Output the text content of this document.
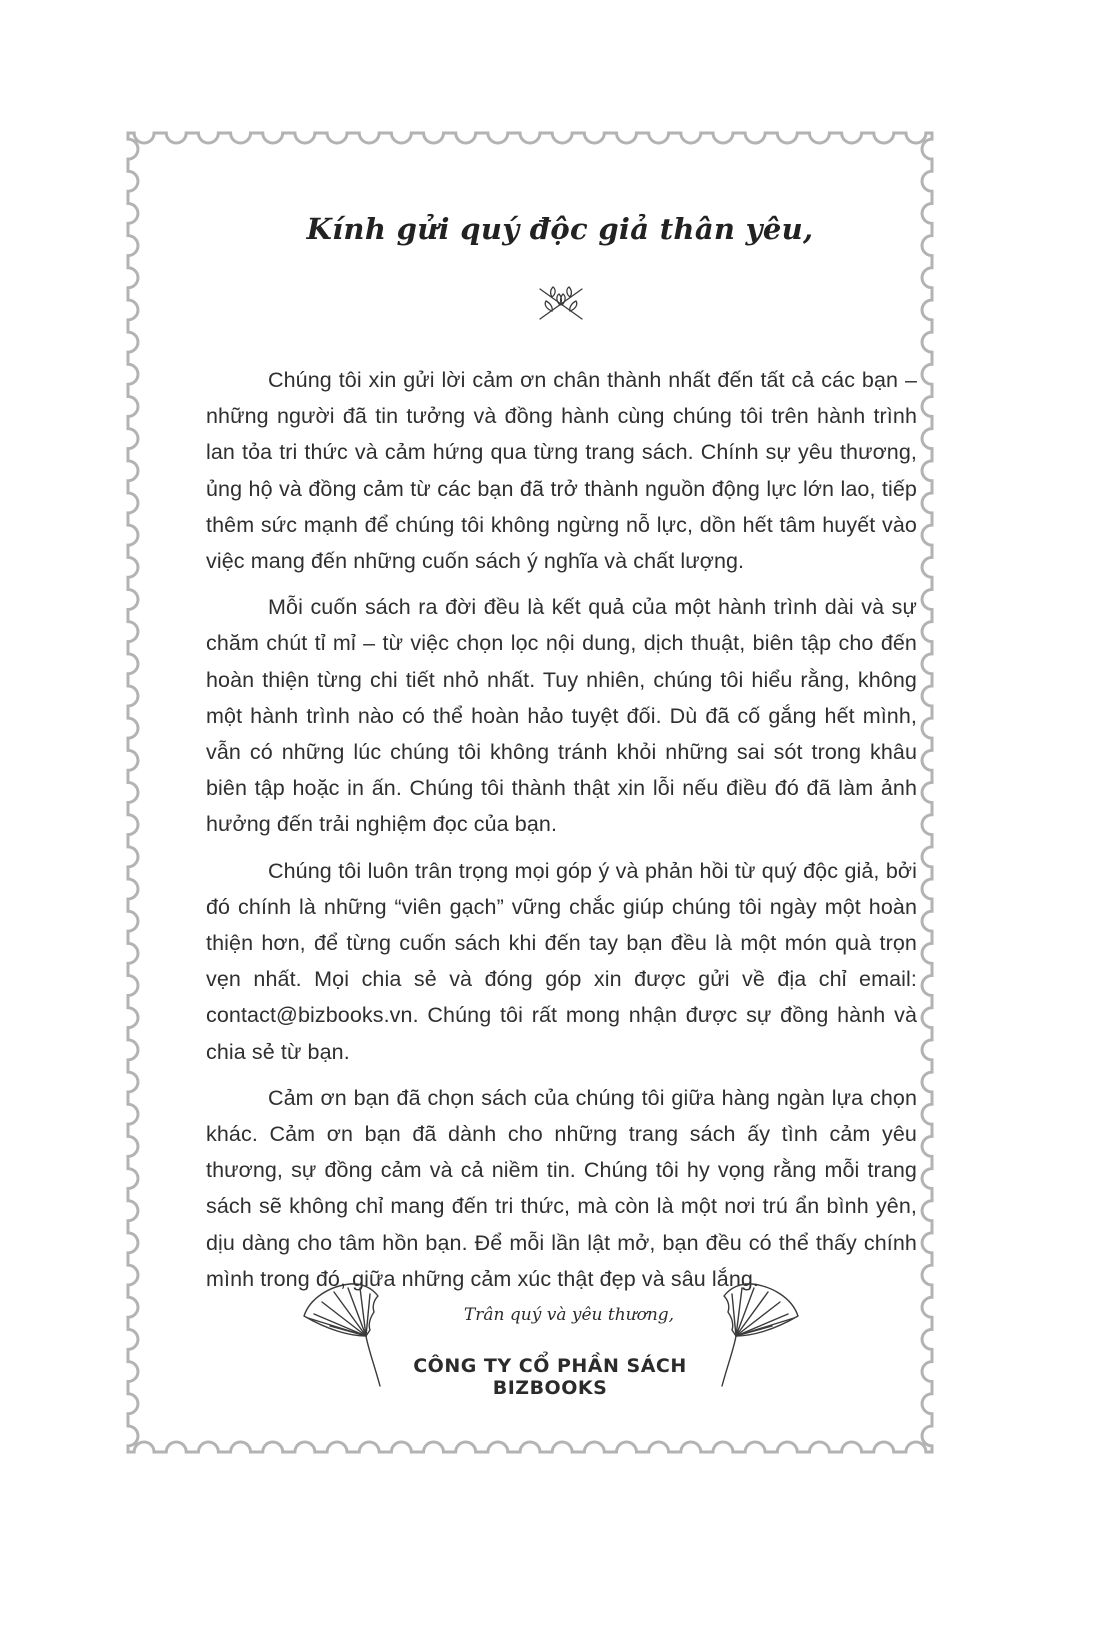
Kính gửi quý độc giả thân yêu,

Chúng tôi xin gửi lời cảm ơn chân thành nhất đến tất cả các bạn – những người đã tin tưởng và đồng hành cùng chúng tôi trên hành trình lan tỏa tri thức và cảm hứng qua từng trang sách. Chính sự yêu thương, ủng hộ và đồng cảm từ các bạn đã trở thành nguồn động lực lớn lao, tiếp thêm sức mạnh để chúng tôi không ngừng nỗ lực, dồn hết tâm huyết vào việc mang đến những cuốn sách ý nghĩa và chất lượng.

Mỗi cuốn sách ra đời đều là kết quả của một hành trình dài và sự chăm chút tỉ mỉ – từ việc chọn lọc nội dung, dịch thuật, biên tập cho đến hoàn thiện từng chi tiết nhỏ nhất. Tuy nhiên, chúng tôi hiểu rằng, không một hành trình nào có thể hoàn hảo tuyệt đối. Dù đã cố gắng hết mình, vẫn có những lúc chúng tôi không tránh khỏi những sai sót trong khâu biên tập hoặc in ấn. Chúng tôi thành thật xin lỗi nếu điều đó đã làm ảnh hưởng đến trải nghiệm đọc của bạn.

Chúng tôi luôn trân trọng mọi góp ý và phản hồi từ quý độc giả, bởi đó chính là những “viên gạch” vững chắc giúp chúng tôi ngày một hoàn thiện hơn, để từng cuốn sách khi đến tay bạn đều là một món quà trọn vẹn nhất. Mọi chia sẻ và đóng góp xin được gửi về địa chỉ email: contact@bizbooks.vn. Chúng tôi rất mong nhận được sự đồng hành và chia sẻ từ bạn.

Cảm ơn bạn đã chọn sách của chúng tôi giữa hàng ngàn lựa chọn khác. Cảm ơn bạn đã dành cho những trang sách ấy tình cảm yêu thương, sự đồng cảm và cả niềm tin. Chúng tôi hy vọng rằng mỗi trang sách sẽ không chỉ mang đến tri thức, mà còn là một nơi trú ẩn bình yên, dịu dàng cho tâm hồn bạn. Để mỗi lần lật mở, bạn đều có thể thấy chính mình trong đó, giữa những cảm xúc thật đẹp và sâu lắng.

Trân quý và yêu thương,

CÔNG TY CỔ PHẦN SÁCH BIZBOOKS
